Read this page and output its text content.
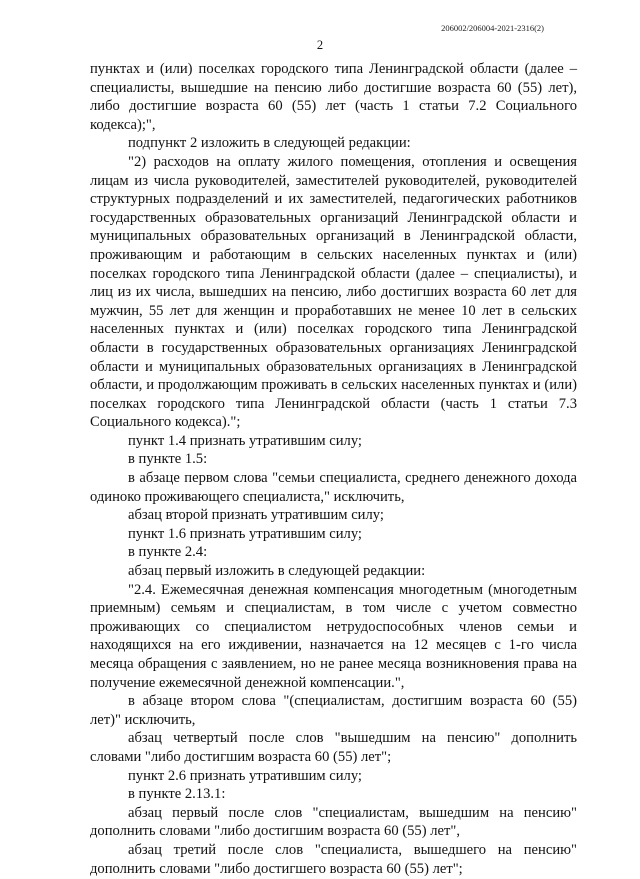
206002/206004-2021-2316(2)
2

пунктах и (или) поселках городского типа Ленинградской области (далее – специалисты, вышедшие на пенсию либо достигшие возраста 60 (55) лет), либо достигшие возраста 60 (55) лет (часть 1 статьи 7.2 Социального кодекса);",

подпункт 2 изложить в следующей редакции:

"2) расходов на оплату жилого помещения, отопления и освещения лицам из числа руководителей, заместителей руководителей, руководителей структурных подразделений и их заместителей, педагогических работников государственных образовательных организаций Ленинградской области и муниципальных образовательных организаций в Ленинградской области, проживающим и работающим в сельских населенных пунктах и (или) поселках городского типа Ленинградской области (далее – специалисты), и лиц из их числа, вышедших на пенсию, либо достигших возраста 60 лет для мужчин, 55 лет для женщин и проработавших не менее 10 лет в сельских населенных пунктах и (или) поселках городского типа Ленинградской области в государственных образовательных организациях Ленинградской области и муниципальных образовательных организациях в Ленинградской области, и продолжающим проживать в сельских населенных пунктах и (или) поселках городского типа Ленинградской области (часть 1 статьи 7.3 Социального кодекса).";

пункт 1.4 признать утратившим силу;

в пункте 1.5:

в абзаце первом слова "семьи специалиста, среднего денежного дохода одиноко проживающего специалиста," исключить,

абзац второй признать утратившим силу;

пункт 1.6 признать утратившим силу;

в пункте 2.4:

абзац первый изложить в следующей редакции:

"2.4. Ежемесячная денежная компенсация многодетным (многодетным приемным) семьям и специалистам, в том числе с учетом совместно проживающих со специалистом нетрудоспособных членов семьи и находящихся на его иждивении, назначается на 12 месяцев с 1-го числа месяца обращения с заявлением, но не ранее месяца возникновения права на получение ежемесячной денежной компенсации.",

в абзаце втором слова "(специалистам, достигшим возраста 60 (55) лет)" исключить,

абзац четвертый после слов "вышедшим на пенсию" дополнить словами "либо достигшим возраста 60 (55) лет";

пункт 2.6 признать утратившим силу;

в пункте 2.13.1:

абзац первый после слов "специалистам, вышедшим на пенсию" дополнить словами "либо достигшим возраста 60 (55) лет",

абзац третий после слов "специалиста, вышедшего на пенсию" дополнить словами "либо достигшего возраста 60 (55) лет";
